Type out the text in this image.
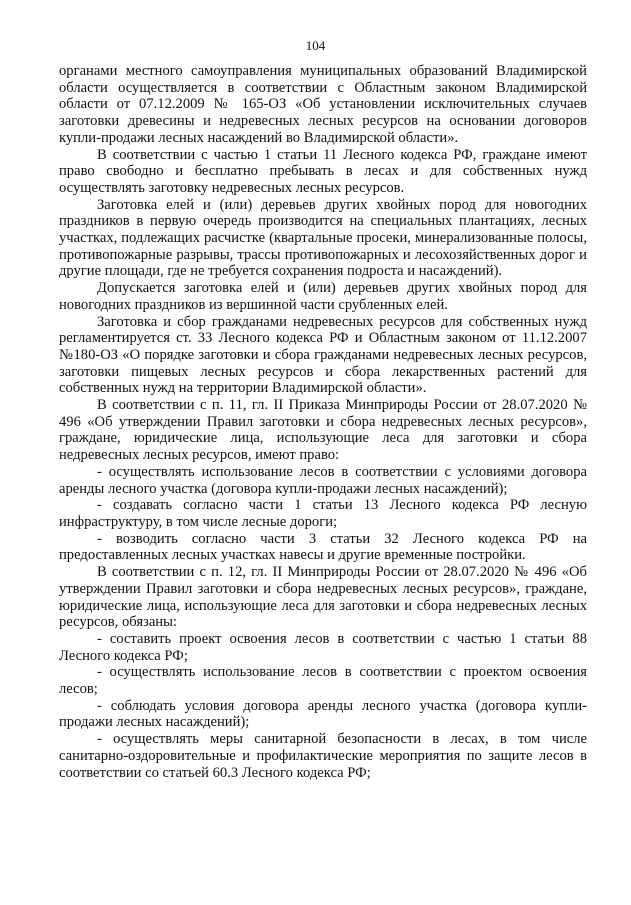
104

органами местного самоуправления муниципальных образований Владимирской области осуществляется в соответствии с Областным законом Владимирской области от 07.12.2009 № 165-ОЗ «Об установлении исключительных случаев заготовки древесины и недревесных лесных ресурсов на основании договоров купли-продажи лесных насаждений во Владимирской области».

В соответствии с частью 1 статьи 11 Лесного кодекса РФ, граждане имеют право свободно и бесплатно пребывать в лесах и для собственных нужд осуществлять заготовку недревесных лесных ресурсов.

Заготовка елей и (или) деревьев других хвойных пород для новогодних праздников в первую очередь производится на специальных плантациях, лесных участках, подлежащих расчистке (квартальные просеки, минерализованные полосы, противопожарные разрывы, трассы противопожарных и лесохозяйственных дорог и другие площади, где не требуется сохранения подроста и насаждений).

Допускается заготовка елей и (или) деревьев других хвойных пород для новогодних праздников из вершинной части срубленных елей.

Заготовка и сбор гражданами недревесных ресурсов для собственных нужд регламентируется ст. 33 Лесного кодекса РФ и Областным законом от 11.12.2007 №180-ОЗ «О порядке заготовки и сбора гражданами недревесных лесных ресурсов, заготовки пищевых лесных ресурсов и сбора лекарственных растений для собственных нужд на территории Владимирской области».

В соответствии с п. 11, гл. II Приказа Минприроды России от 28.07.2020 № 496 «Об утверждении Правил заготовки и сбора недревесных лесных ресурсов», граждане, юридические лица, использующие леса для заготовки и сбора недревесных лесных ресурсов, имеют право:

- осуществлять использование лесов в соответствии с условиями договора аренды лесного участка (договора купли-продажи лесных насаждений);

- создавать согласно части 1 статьи 13 Лесного кодекса РФ лесную инфраструктуру, в том числе лесные дороги;

- возводить согласно части 3 статьи 32 Лесного кодекса РФ на предоставленных лесных участках навесы и другие временные постройки.

В соответствии с п. 12, гл. II Минприроды России от 28.07.2020 № 496 «Об утверждении Правил заготовки и сбора недревесных лесных ресурсов», граждане, юридические лица, использующие леса для заготовки и сбора недревесных лесных ресурсов, обязаны:

- составить проект освоения лесов в соответствии с частью 1 статьи 88 Лесного кодекса РФ;

- осуществлять использование лесов в соответствии с проектом освоения лесов;

- соблюдать условия договора аренды лесного участка (договора купли-продажи лесных насаждений);

- осуществлять меры санитарной безопасности в лесах, в том числе санитарно-оздоровительные и профилактические мероприятия по защите лесов в соответствии со статьей 60.3 Лесного кодекса РФ;
